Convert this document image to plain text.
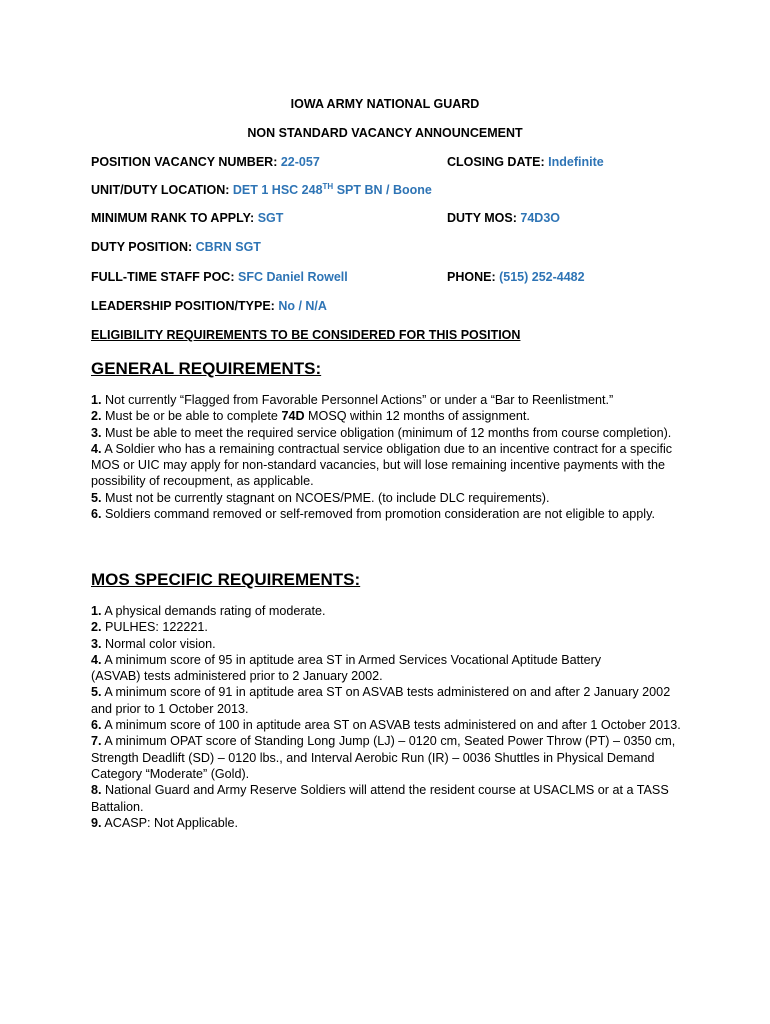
IOWA ARMY NATIONAL GUARD
NON STANDARD VACANCY ANNOUNCEMENT
POSITION VACANCY NUMBER: 22-057	CLOSING DATE: Indefinite
UNIT/DUTY LOCATION: DET 1 HSC 248TH SPT BN / Boone
MINIMUM RANK TO APPLY: SGT	DUTY MOS: 74D3O
DUTY POSITION: CBRN SGT
FULL-TIME STAFF POC: SFC Daniel Rowell	PHONE: (515) 252-4482
LEADERSHIP POSITION/TYPE: No / N/A
ELIGIBILITY REQUIREMENTS TO BE CONSIDERED FOR THIS POSITION
GENERAL REQUIREMENTS:

1. Not currently “Flagged from Favorable Personnel Actions” or under a “Bar to Reenlistment.”

2. Must be or be able to complete 74D MOSQ within 12 months of assignment.

3. Must be able to meet the required service obligation (minimum of 12 months from course completion).

4. A Soldier who has a remaining contractual service obligation due to an incentive contract for a specific MOS or UIC may apply for non-standard vacancies, but will lose remaining incentive payments with the possibility of recoupment, as applicable.

5. Must not be currently stagnant on NCOES/PME. (to include DLC requirements).

6. Soldiers command removed or self-removed from promotion consideration are not eligible to apply.

MOS SPECIFIC REQUIREMENTS:

1. A physical demands rating of moderate.

2. PULHES: 122221.

3. Normal color vision.

4. A minimum score of 95 in aptitude area ST in Armed Services Vocational Aptitude Battery (ASVAB) tests administered prior to 2 January 2002.

5. A minimum score of 91 in aptitude area ST on ASVAB tests administered on and after 2 January 2002 and prior to 1 October 2013.

6. A minimum score of 100 in aptitude area ST on ASVAB tests administered on and after 1 October 2013.

7. A minimum OPAT score of Standing Long Jump (LJ) – 0120 cm, Seated Power Throw (PT) – 0350 cm, Strength Deadlift (SD) – 0120 lbs., and Interval Aerobic Run (IR) – 0036 Shuttles in Physical Demand Category “Moderate” (Gold).

8. National Guard and Army Reserve Soldiers will attend the resident course at USACLMS or at a TASS Battalion.

9. ACASP: Not Applicable.
